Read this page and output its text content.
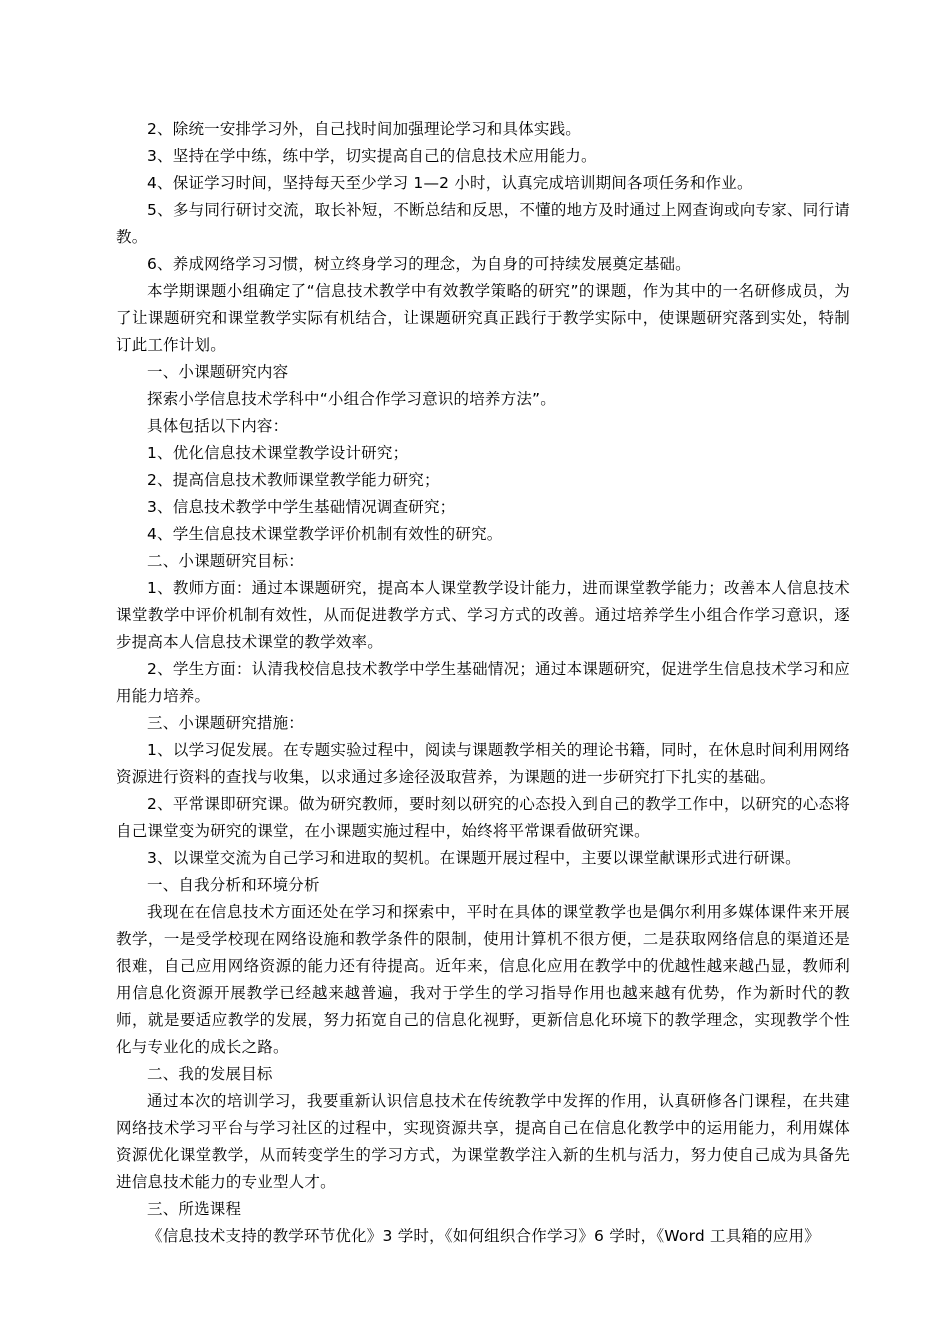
2、除统一安排学习外，自己找时间加强理论学习和具体实践。

3、坚持在学中练，练中学，切实提高自己的信息技术应用能力。

4、保证学习时间，坚持每天至少学习 1—2 小时，认真完成培训期间各项任务和作业。

5、多与同行研讨交流，取长补短，不断总结和反思，不懂的地方及时通过上网查询或向专家、同行请教。

6、养成网络学习习惯，树立终身学习的理念，为自身的可持续发展奠定基础。

本学期课题小组确定了“信息技术教学中有效教学策略的研究”的课题，作为其中的一名研修成员，为了让课题研究和课堂教学实际有机结合，让课题研究真正践行于教学实际中，使课题研究落到实处，特制订此工作计划。

一、小课题研究内容

探索小学信息技术学科中“小组合作学习意识的培养方法”。

具体包括以下内容：

1、优化信息技术课堂教学设计研究；

2、提高信息技术教师课堂教学能力研究；

3、信息技术教学中学生基础情况调查研究；

4、学生信息技术课堂教学评价机制有效性的研究。

二、小课题研究目标：

1、教师方面：通过本课题研究，提高本人课堂教学设计能力，进而课堂教学能力；改善本人信息技术课堂教学中评价机制有效性，从而促进教学方式、学习方式的改善。通过培养学生小组合作学习意识，逐步提高本人信息技术课堂的教学效率。

2、学生方面：认清我校信息技术教学中学生基础情况；通过本课题研究，促进学生信息技术学习和应用能力培养。

三、小课题研究措施：

1、以学习促发展。在专题实验过程中，阅读与课题教学相关的理论书籍，同时，在休息时间利用网络资源进行资料的查找与收集，以求通过多途径汲取营养，为课题的进一步研究打下扎实的基础。

2、平常课即研究课。做为研究教师，要时刻以研究的心态投入到自己的教学工作中，以研究的心态将自己课堂变为研究的课堂，在小课题实施过程中，始终将平常课看做研究课。

3、以课堂交流为自己学习和进取的契机。在课题开展过程中，主要以课堂献课形式进行研课。

一、自我分析和环境分析

我现在在信息技术方面还处在学习和探索中，平时在具体的课堂教学也是偶尔利用多媒体课件来开展教学，一是受学校现在网络设施和教学条件的限制，使用计算机不很方便，二是获取网络信息的渠道还是很难，自己应用网络资源的能力还有待提高。近年来，信息化应用在教学中的优越性越来越凸显，教师利用信息化资源开展教学已经越来越普遍，我对于学生的学习指导作用也越来越有优势，作为新时代的教师，就是要适应教学的发展，努力拓宽自己的信息化视野，更新信息化环境下的教学理念，实现教学个性化与专业化的成长之路。

二、我的发展目标

通过本次的培训学习，我要重新认识信息技术在传统教学中发挥的作用，认真研修各门课程，在共建网络技术学习平台与学习社区的过程中，实现资源共享，提高自己在信息化教学中的运用能力，利用媒体资源优化课堂教学，从而转变学生的学习方式，为课堂教学注入新的生机与活力，努力使自己成为具备先进信息技术能力的专业型人才。

三、所选课程

《信息技术支持的教学环节优化》3 学时，《如何组织合作学习》6 学时，《Word 工具箱的应用》
